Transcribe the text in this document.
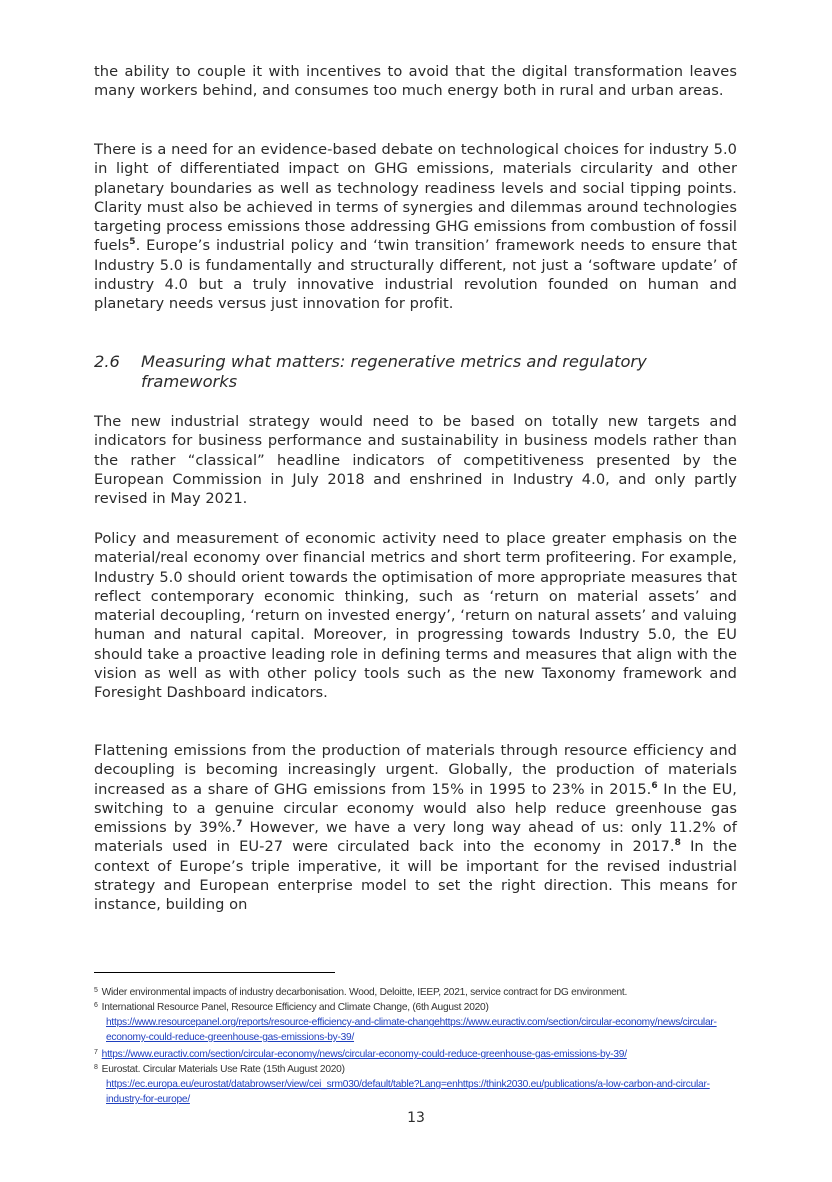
the ability to couple it with incentives to avoid that the digital transformation leaves many workers behind, and consumes too much energy both in rural and urban areas.

There is a need for an evidence-based debate on technological choices for industry 5.0 in light of differentiated impact on GHG emissions, materials circularity and other planetary boundaries as well as technology readiness levels and social tipping points. Clarity must also be achieved in terms of synergies and dilemmas around technologies targeting process emissions those addressing GHG emissions from combustion of fossil fuels$^5$. Europe’s industrial policy and ‘twin transition’ framework needs to ensure that Industry 5.0 is fundamentally and structurally different, not just a ‘software update’ of industry 4.0 but a truly innovative industrial revolution founded on human and planetary needs versus just innovation for profit.

2.6	Measuring what matters: regenerative metrics and regulatory frameworks

The new industrial strategy would need to be based on totally new targets and indicators for business performance and sustainability in business models rather than the rather “classical” headline indicators of competitiveness presented by the European Commission in July 2018 and enshrined in Industry 4.0, and only partly revised in May 2021.

Policy and measurement of economic activity need to place greater emphasis on the material/real economy over financial metrics and short term profiteering. For example, Industry 5.0 should orient towards the optimisation of more appropriate measures that reflect contemporary economic thinking, such as ‘return on material assets’ and material decoupling, ‘return on invested energy’, ‘return on natural assets’ and valuing human and natural capital. Moreover, in progressing towards Industry 5.0, the EU should take a proactive leading role in defining terms and measures that align with the vision as well as with other policy tools such as the new Taxonomy framework and Foresight Dashboard indicators.

Flattening emissions from the production of materials through resource efficiency and decoupling is becoming increasingly urgent. Globally, the production of materials increased as a share of GHG emissions from 15% in 1995 to 23% in 2015.$^6$ In the EU, switching to a genuine circular economy would also help reduce greenhouse gas emissions by 39%.$^7$ However, we have a very long way ahead of us: only 11.2% of materials used in EU-27 were circulated back into the economy in 2017.$^8$ In the context of Europe’s triple imperative, it will be important for the revised industrial strategy and European enterprise model to set the right direction. This means for instance, building on

$^5$ Wider environmental impacts of industry decarbonisation. Wood, Deloitte, IEEP, 2021, service contract for DG environment.
$^6$ International Resource Panel, Resource Efficiency and Climate Change, (6th August 2020)
https://www.resourcepanel.org/reports/resource-efficiency-and-climate-changehttps://www.euractiv.com/section/circular-economy/news/circular-economy-could-reduce-greenhouse-gas-emissions-by-39/
$^7$ https://www.euractiv.com/section/circular-economy/news/circular-economy-could-reduce-greenhouse-gas-emissions-by-39/
$^8$ Eurostat. Circular Materials Use Rate (15th August 2020)
https://ec.europa.eu/eurostat/databrowser/view/cei_srm030/default/table?Lang=enhttps://think2030.eu/publications/a-low-carbon-and-circular-industry-for-europe/
13
